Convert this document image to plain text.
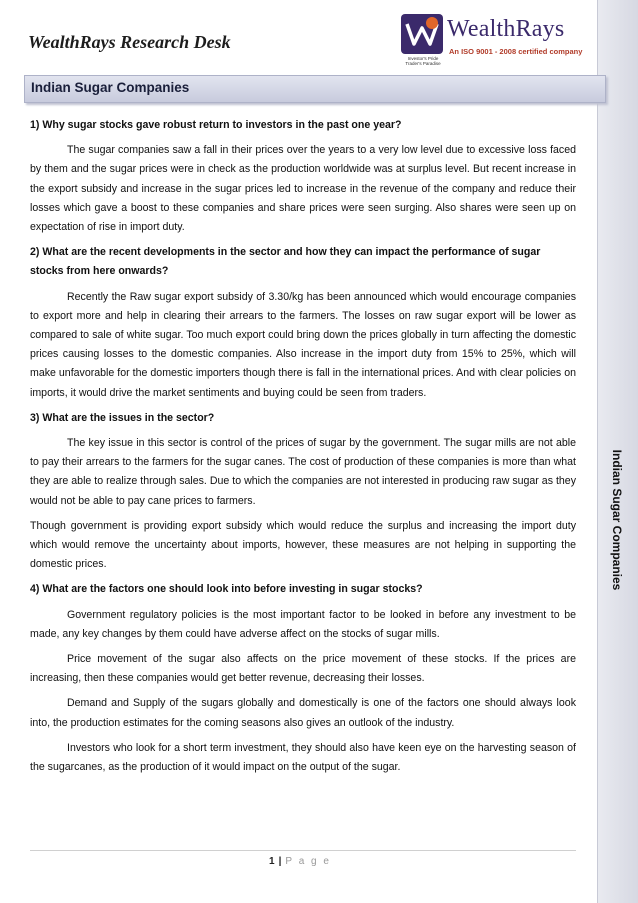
Indian Sugar Companies
WealthRays Research Desk	WealthRays
An ISO 9001 - 2008 certified company
Investor's Pride Trader's Paradise
Indian Sugar Companies
1) Why sugar stocks gave robust return to investors in the past one year?

The sugar companies saw a fall in their prices over the years to a very low level due to excessive loss faced by them and the sugar prices were in check as the production worldwide was at surplus level. But recent increase in the export subsidy and increase in the sugar prices led to increase in the revenue of the company and reduce their losses which gave a boost to these companies and share prices were seen surging. Also shares were seen up on expectation of rise in import duty.

2) What are the recent developments in the sector and how they can impact the performance of sugar stocks from here onwards?

Recently the Raw sugar export subsidy of 3.30/kg has been announced which would encourage companies to export more and help in clearing their arrears to the farmers. The losses on raw sugar export will be lower as compared to sale of white sugar. Too much export could bring down the prices globally in turn affecting the domestic prices causing losses to the domestic companies. Also increase in the import duty from 15% to 25%, which will make unfavorable for the domestic importers though there is fall in the international prices. And with clear policies on imports, it would drive the market sentiments and buying could be seen from traders.

3) What are the issues in the sector?

The key issue in this sector is control of the prices of sugar by the government. The sugar mills are not able to pay their arrears to the farmers for the sugar canes. The cost of production of these companies is more than what they are able to realize through sales. Due to which the companies are not interested in producing raw sugar as they would not be able to pay cane prices to farmers.

Though government is providing export subsidy which would reduce the surplus and increasing the import duty which would remove the uncertainty about imports, however, these measures are not helping in supporting the domestic prices.

4) What are the factors one should look into before investing in sugar stocks?

Government regulatory policies is the most important factor to be looked in before any investment to be made, any key changes by them could have adverse affect on the stocks of sugar mills.

Price movement of the sugar also affects on the price movement of these stocks. If the prices are increasing, then these companies would get better revenue, decreasing their losses.

Demand and Supply of the sugars globally and domestically is one of the factors one should always look into, the production estimates for the coming seasons also gives an outlook of the industry.

Investors who look for a short term investment, they should also have keen eye on the harvesting season of the sugarcanes, as the production of it would impact on the output of the sugar.

1 | P a g e
